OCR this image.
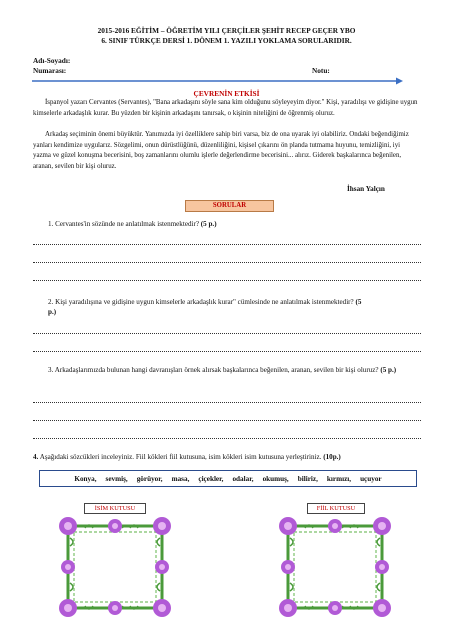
2015-2016 EĞİTİM – ÖĞRETİM YILI ÇERÇİLER ŞEHİT RECEP GEÇER YBO
6. SINIF TÜRKÇE DERSİ 1. DÖNEM 1. YAZILI YOKLAMA SORULARIDIR.
Adı-Soyadı:
Numarası:	Notu:
ÇEVRENİN ETKİSİ
İspanyol yazarı Cervantes (Servantes), "Bana arkadaşını söyle sana kim olduğunu söyleyeyim diyor." Kişi, yaradılışı ve gidişine uygun kimselerle arkadaşlık kurar. Bu yüzden bir kişinin arkadaşını tanırsak, o kişinin niteliğini de öğrenmiş oluruz.
Arkadaş seçiminin önemi büyüktür. Yanımızda iyi özelliklere sahip biri varsa, biz de ona uyarak iyi olabiliriz. Ondaki beğendiğimiz yanları kendimize uygularız. Sözgelimi, onun dürüstlüğünü, düzenliliğini, kişisel çıkarını ön planda tutmama huyunu, temizliğini, iyi yazma ve güzel konuşma becerisini, boş zamanlarını olumlu işlerle değerlendirme becerisini... alırız. Giderek başkalarınca beğenilen, aranan, sevilen bir kişi oluruz.
İhsan Yalçın
SORULAR
1. Cervantes'in sözünde ne anlatılmak istenmektedir? (5 p.)
2. Kişi yaradılışına ve gidişine uygun kimselerle arkadaşlık kurar" cümlesinde ne anlatılmak istenmektedir? (5 p.)
3. Arkadaşlarımızda bulunan hangi davranışları örnek alırsak başkalarınca beğenilen, aranan, sevilen bir kişi oluruz? (5 p.)
4. Aşağıdaki sözcükleri inceleyiniz. Fiil kökleri fiil kutusuna, isim kökleri isim kutusuna yerleştiriniz. (10p.)
Konya, sevmiş, görüyor, masa, çiçekler, odalar, okumuş, biliriz, kırmızı, uçuyor
İSİM KUTUSU	FİİL KUTUSU
